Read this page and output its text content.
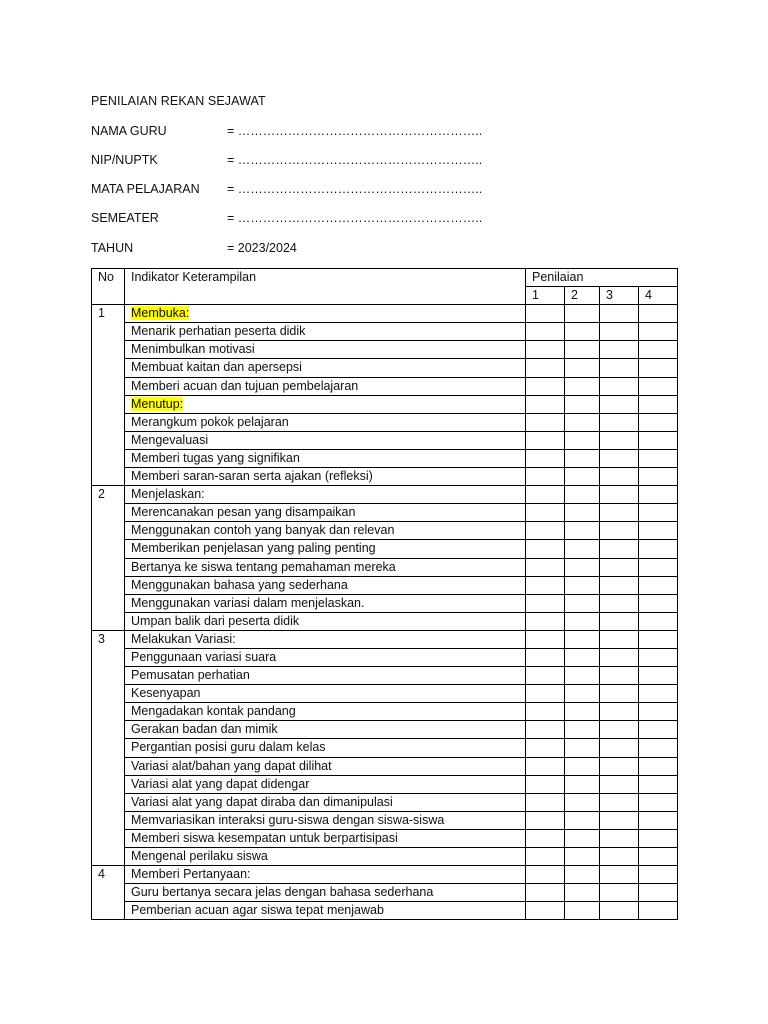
PENILAIAN REKAN SEJAWAT
NAMA GURU	= …………………………………………………..
NIP/NUPTK	= …………………………………………………..
MATA PELAJARAN	= …………………………………………………..
SEMEATER	= …………………………………………………..
TAHUN	= 2023/2024
No	Indikator Keterampilan	Penilaian			
		1	2	3	4
1	Membuka:				
	Menarik perhatian peserta didik				
	Menimbulkan motivasi				
	Membuat kaitan dan apersepsi				
	Memberi acuan dan tujuan pembelajaran				
	Menutup:				
	Merangkum pokok pelajaran				
	Mengevaluasi				
	Memberi tugas yang signifikan				
	Memberi saran-saran serta ajakan (refleksi)				
2	Menjelaskan:				
	Merencanakan pesan yang disampaikan				
	Menggunakan contoh yang banyak dan relevan				
	Memberikan penjelasan yang paling penting				
	Bertanya ke siswa tentang pemahaman mereka				
	Menggunakan bahasa yang sederhana				
	Menggunakan variasi dalam menjelaskan.				
	Umpan balik dari peserta didik				
3	Melakukan Variasi:				
	Penggunaan variasi suara				
	Pemusatan perhatian				
	Kesenyapan				
	Mengadakan kontak pandang				
	Gerakan badan dan mimik				
	Pergantian posisi guru dalam kelas				
	Variasi alat/bahan yang dapat dilihat				
	Variasi alat yang dapat didengar				
	Variasi alat yang dapat diraba dan dimanipulasi				
	Memvariasikan interaksi guru-siswa dengan siswa-siswa				
	Memberi siswa kesempatan untuk berpartisipasi				
	Mengenal perilaku siswa				
4	Memberi Pertanyaan:				
	Guru bertanya secara jelas dengan bahasa sederhana				
	Pemberian acuan agar siswa tepat menjawab				
